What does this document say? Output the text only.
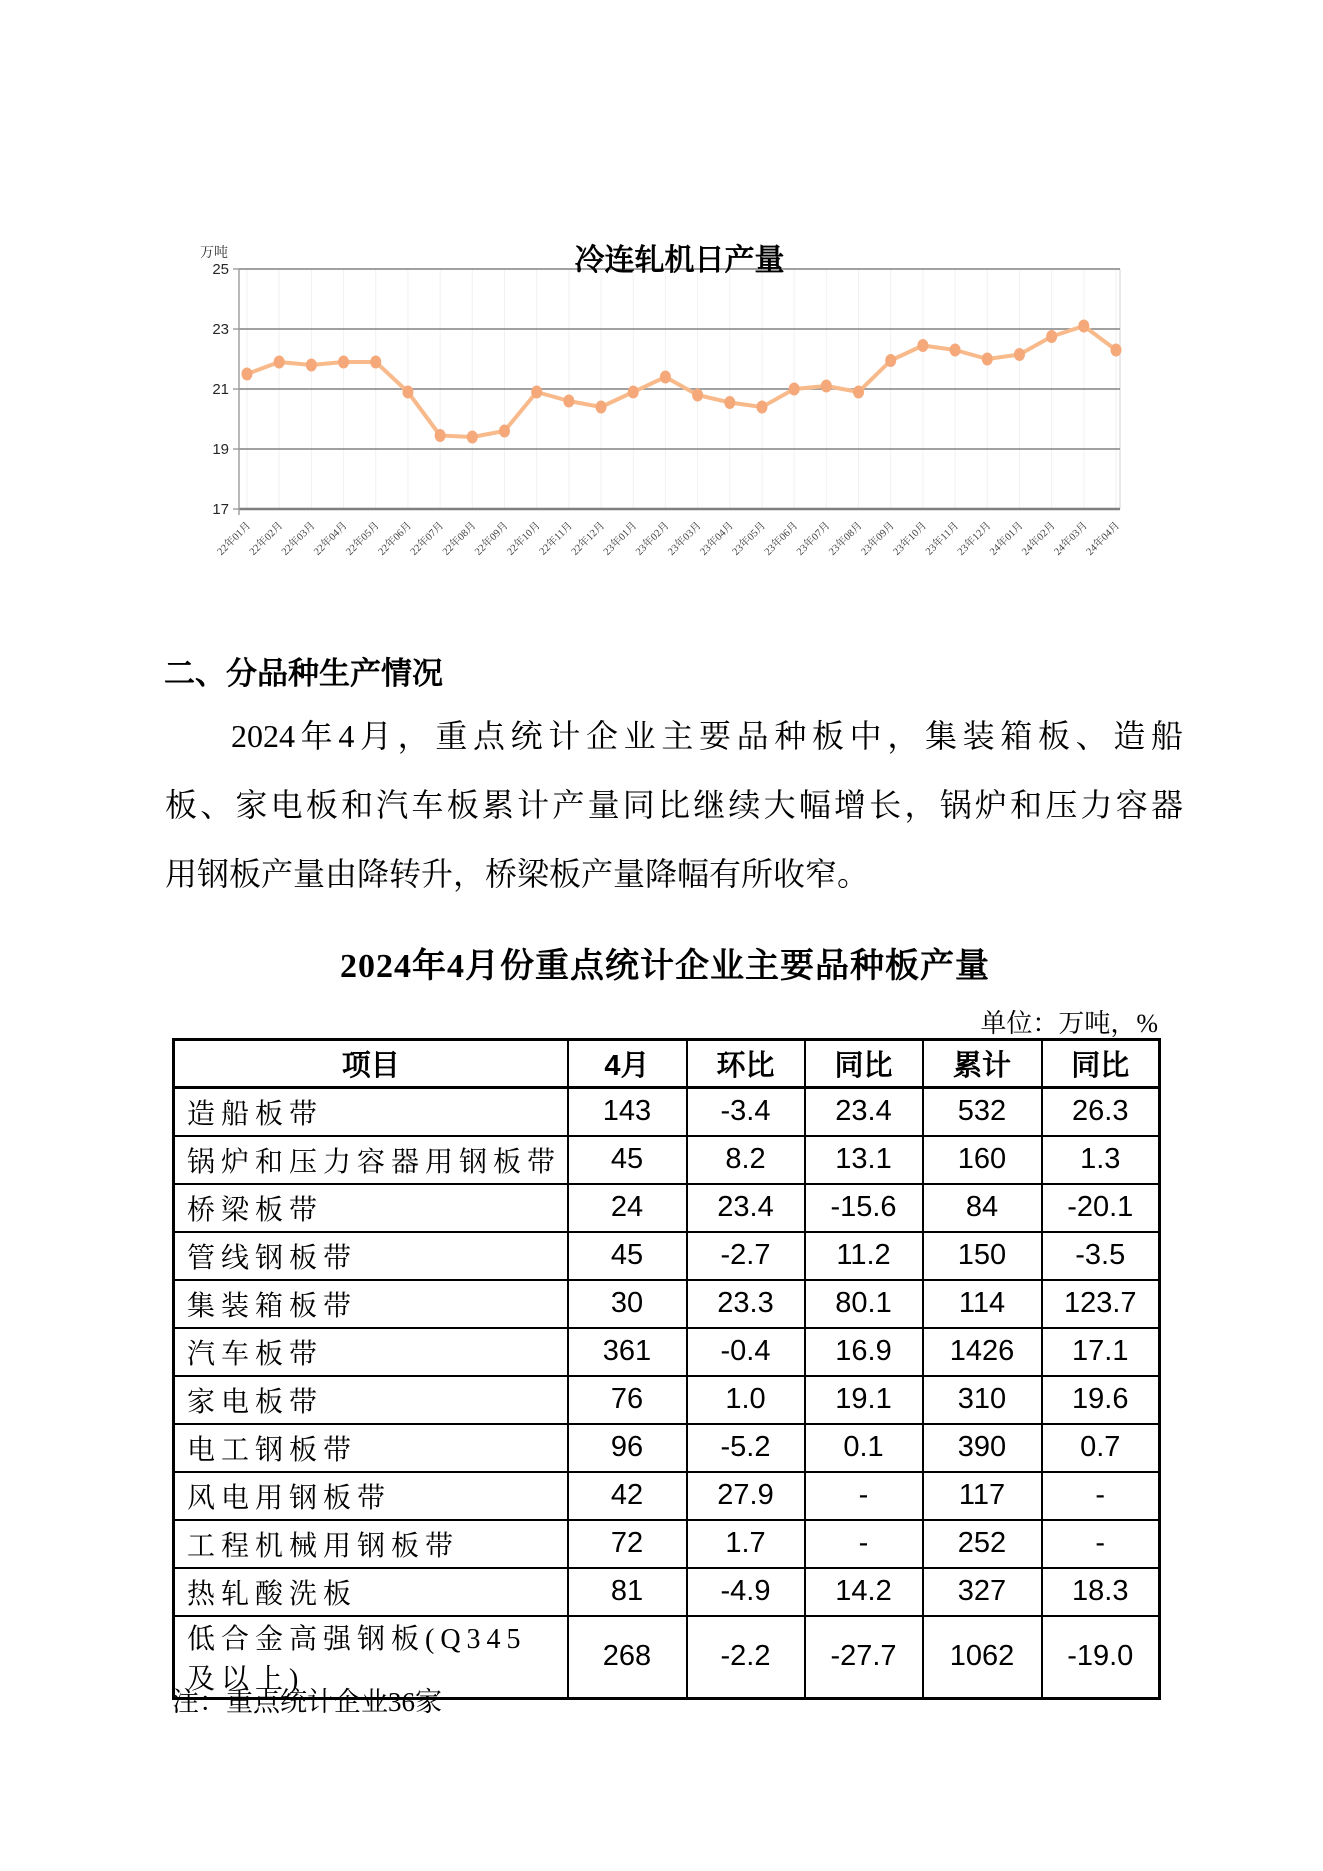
25
23
21
19
17
22年01月
22年02月
22年03月
22年04月
22年05月
22年06月
22年07月
22年08月
22年09月
22年10月
22年11月
22年12月
23年01月
23年02月
23年03月
23年04月
23年05月
23年06月
23年07月
23年08月
23年09月
23年10月
23年11月
23年12月
24年01月
24年02月
24年03月
24年04月
万吨	冷连轧机日产量
二、分品种生产情况
2024年4月，重点统计企业主要品种板中，集装箱板、造船
板、家电板和汽车板累计产量同比继续大幅增长，锅炉和压力容器
用钢板产量由降转升，桥梁板产量降幅有所收窄。
2024年4月份重点统计企业主要品种板产量
单位：万吨，%
项目	4月	环比	同比	累计	同比
造船板带	143	-3.4	23.4	532	26.3
锅炉和压力容器用钢板带	45	8.2	13.1	160	1.3
桥梁板带	24	23.4	-15.6	84	-20.1
管线钢板带	45	-2.7	11.2	150	-3.5
集装箱板带	30	23.3	80.1	114	123.7
汽车板带	361	-0.4	16.9	1426	17.1
家电板带	76	1.0	19.1	310	19.6
电工钢板带	96	-5.2	0.1	390	0.7
风电用钢板带	42	27.9	-	117	-
工程机械用钢板带	72	1.7	-	252	-
热轧酸洗板	81	-4.9	14.2	327	18.3
低合金高强钢板(Q345 及以上)	268	-2.2	-27.7	1062	-19.0
注：重点统计企业36家
